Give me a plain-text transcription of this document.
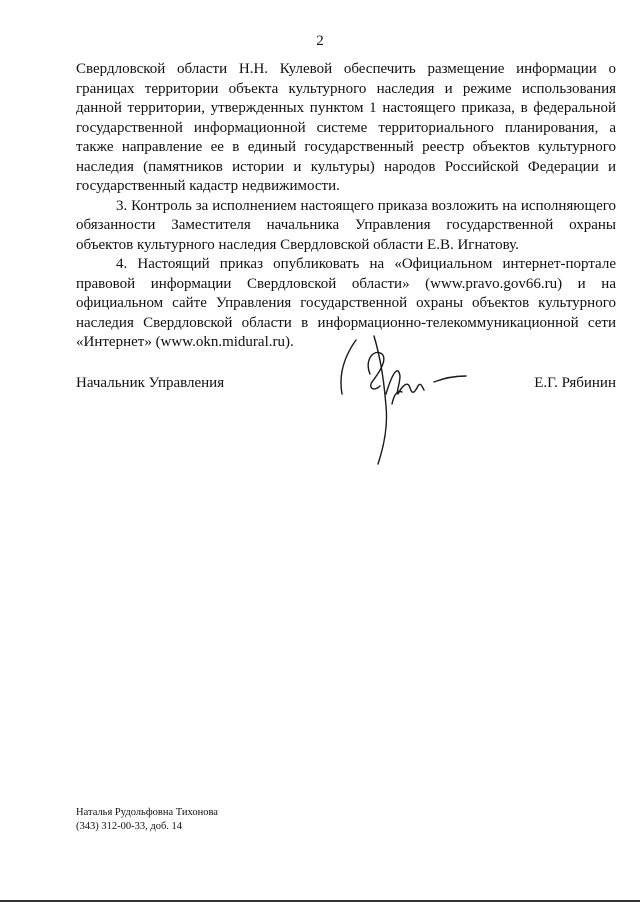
2

Свердловской области Н.Н. Кулевой обеспечить размещение информации о границах территории объекта культурного наследия и режиме использования данной территории, утвержденных пунктом 1 настоящего приказа, в федеральной государственной информационной системе территориального планирования, а также направление ее в единый государственный реестр объектов культурного наследия (памятников истории и культуры) народов Российской Федерации и государственный кадастр недвижимости.

3. Контроль за исполнением настоящего приказа возложить на исполняющего обязанности Заместителя начальника Управления государственной охраны объектов культурного наследия Свердловской области Е.В. Игнатову.

4. Настоящий приказ опубликовать на «Официальном интернет-портале правовой информации Свердловской области» (www.pravo.gov66.ru) и на официальном сайте Управления государственной охраны объектов культурного наследия Свердловской области в информационно-телекоммуникационной сети «Интернет» (www.okn.midural.ru).

Начальник Управления	Е.Г. Рябинин
Наталья Рудольфовна Тихонова
(343) 312-00-33, доб. 14
